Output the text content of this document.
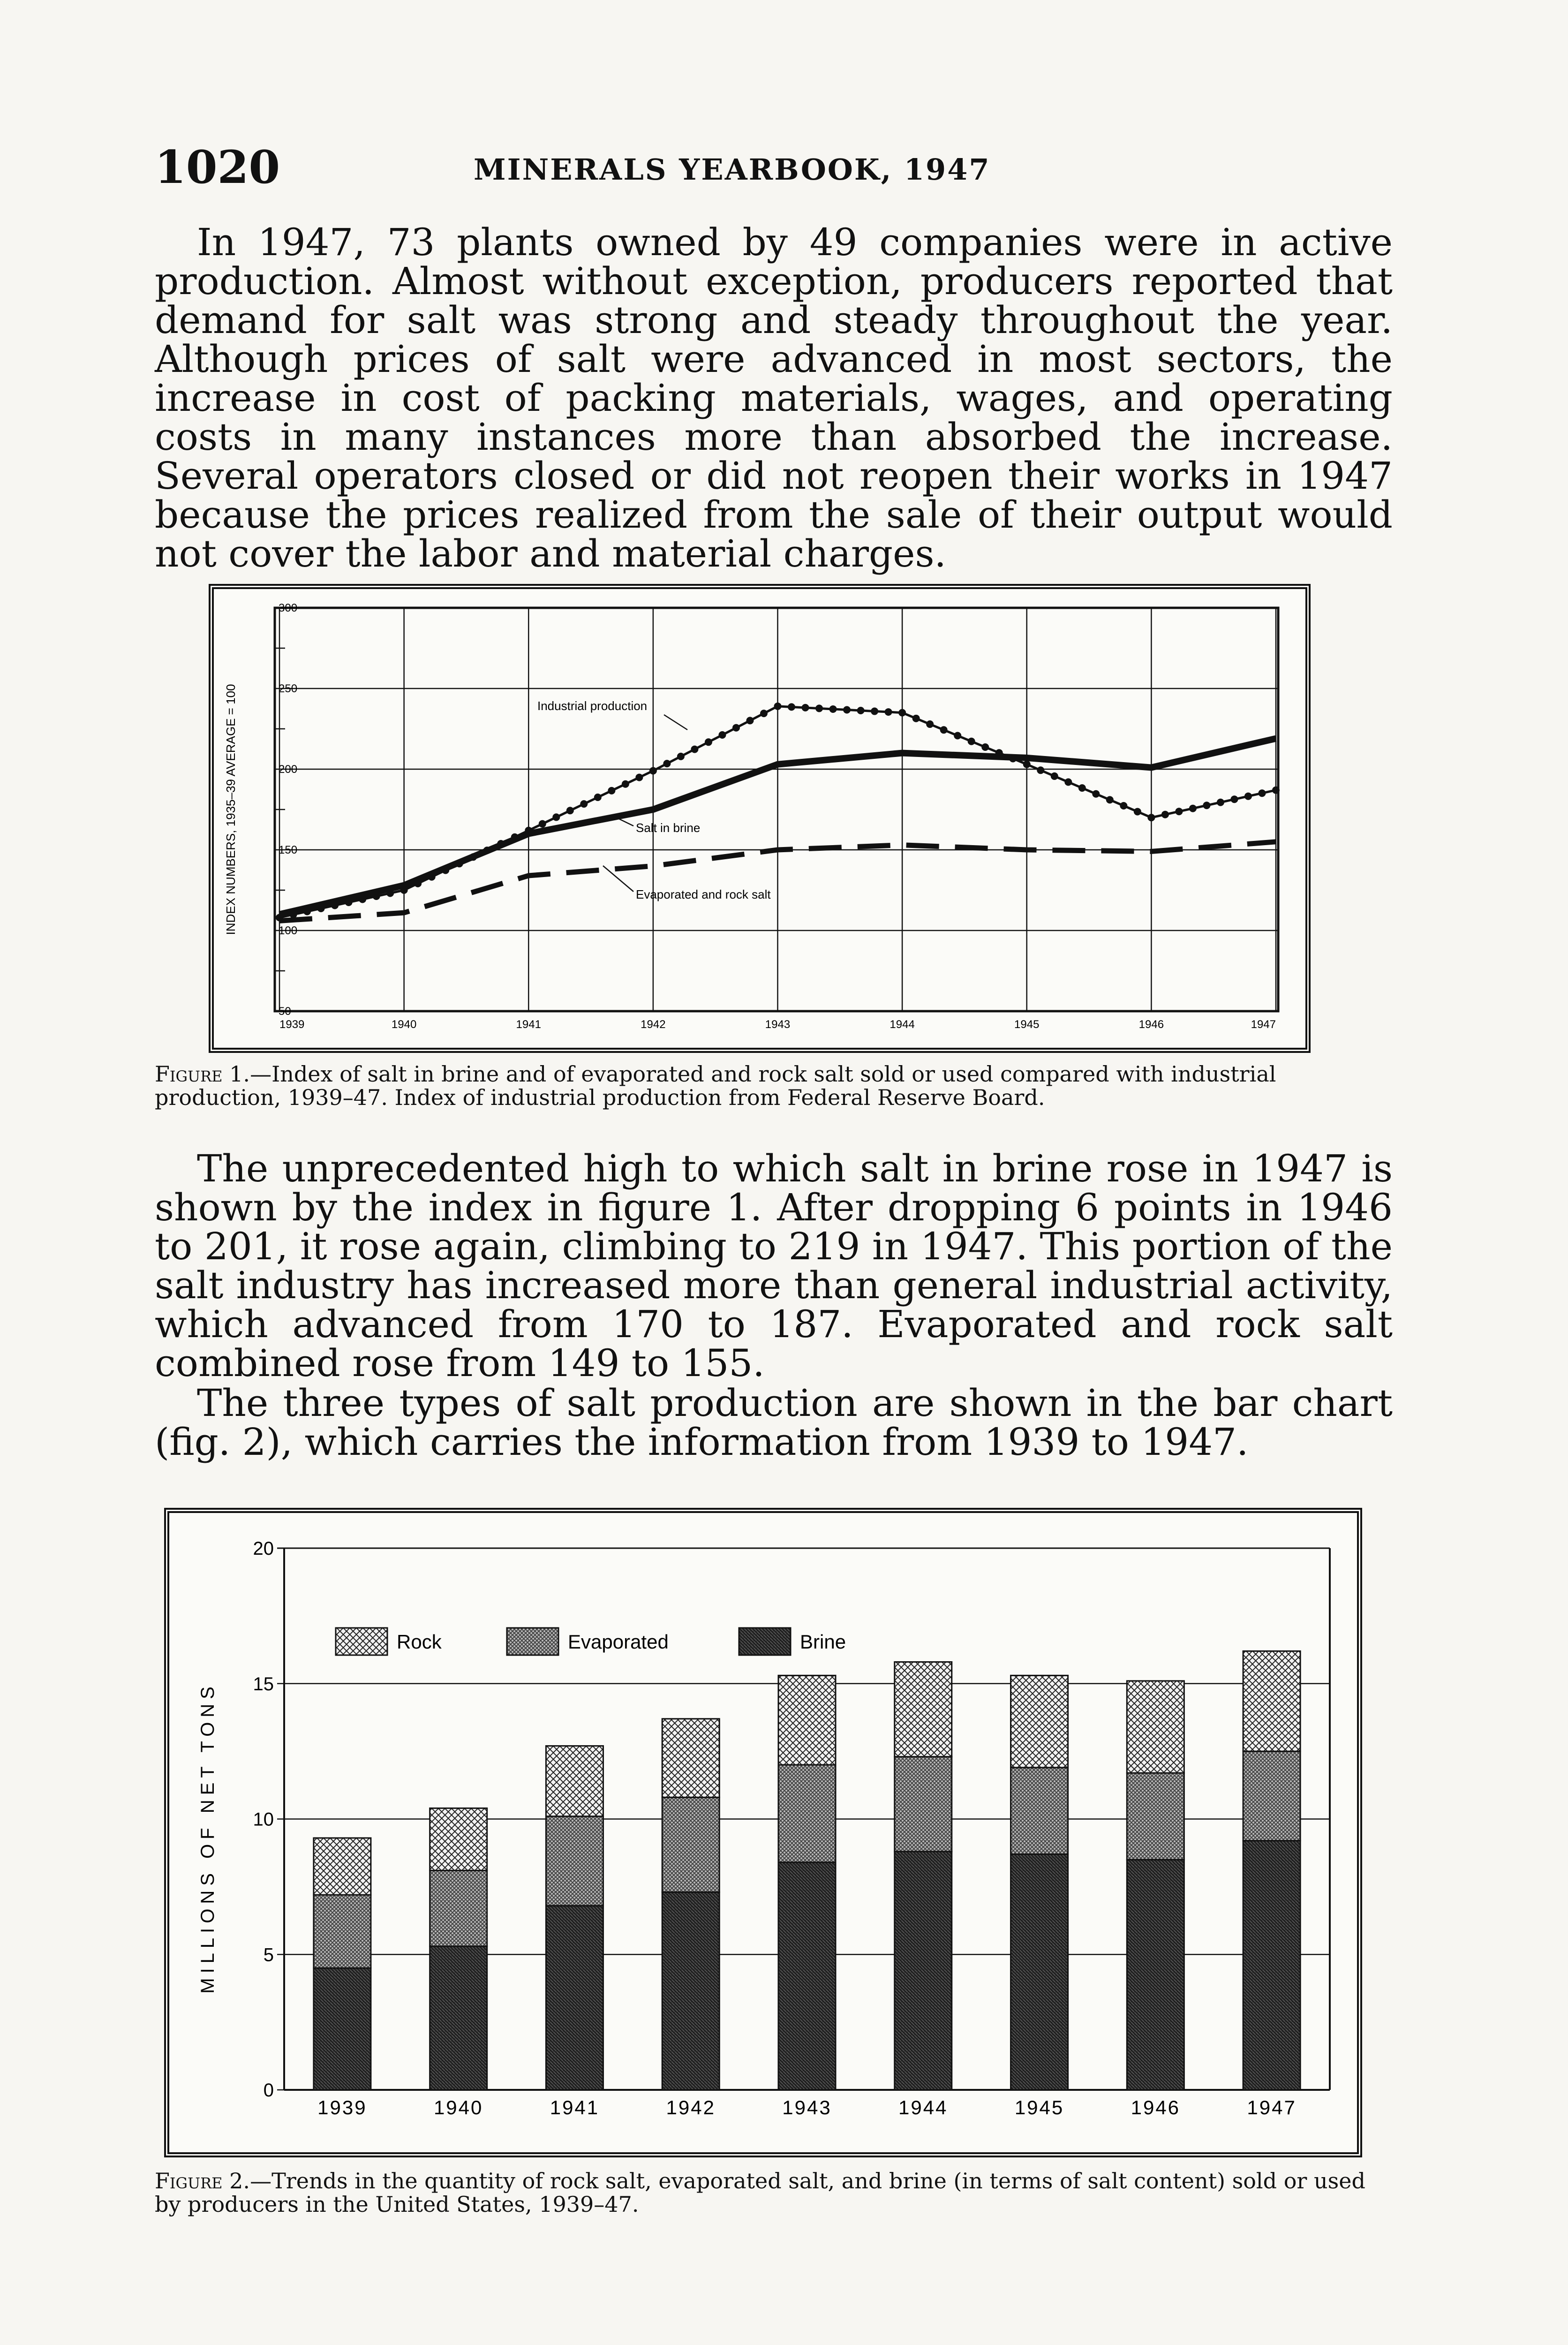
1020	MINERALS YEARBOOK, 1947

In 1947, 73 plants owned by 49 companies were in active production. Almost without exception, producers reported that demand for salt was strong and steady throughout the year. Although prices of salt were advanced in most sectors, the increase in cost of packing materials, wages, and operating costs in many instances more than absorbed the increase. Several operators closed or did not reopen their works in 1947 because the prices realized from the sale of their output would not cover the labor and material charges.

50
100
150
200
250
300
1939	1940	1941	1942	1943	1944	1945	1946	1947
INDEX NUMBERS, 1935–39 AVERAGE = 100	Industrial production
Salt in brine
Evaporated and rock salt

Figure 1.—Index of salt in brine and of evaporated and rock salt sold or used compared with industrial production, 1939–47. Index of industrial production from Federal Reserve Board.

The unprecedented high to which salt in brine rose in 1947 is shown by the index in figure 1. After dropping 6 points in 1946 to 201, it rose again, climbing to 219 in 1947. This portion of the salt industry has increased more than general industrial activity, which advanced from 170 to 187. Evaporated and rock salt combined rose from 149 to 155.

The three types of salt production are shown in the bar chart (fig. 2), which carries the information from 1939 to 1947.

0
5
10
15
20
MILLIONS OF NET TONS
1939	1940	1941	1942	1943	1944	1945	1946	1947
Rock	Evaporated	Brine

Figure 2.—Trends in the quantity of rock salt, evaporated salt, and brine (in terms of salt content) sold or used by producers in the United States, 1939–47.
